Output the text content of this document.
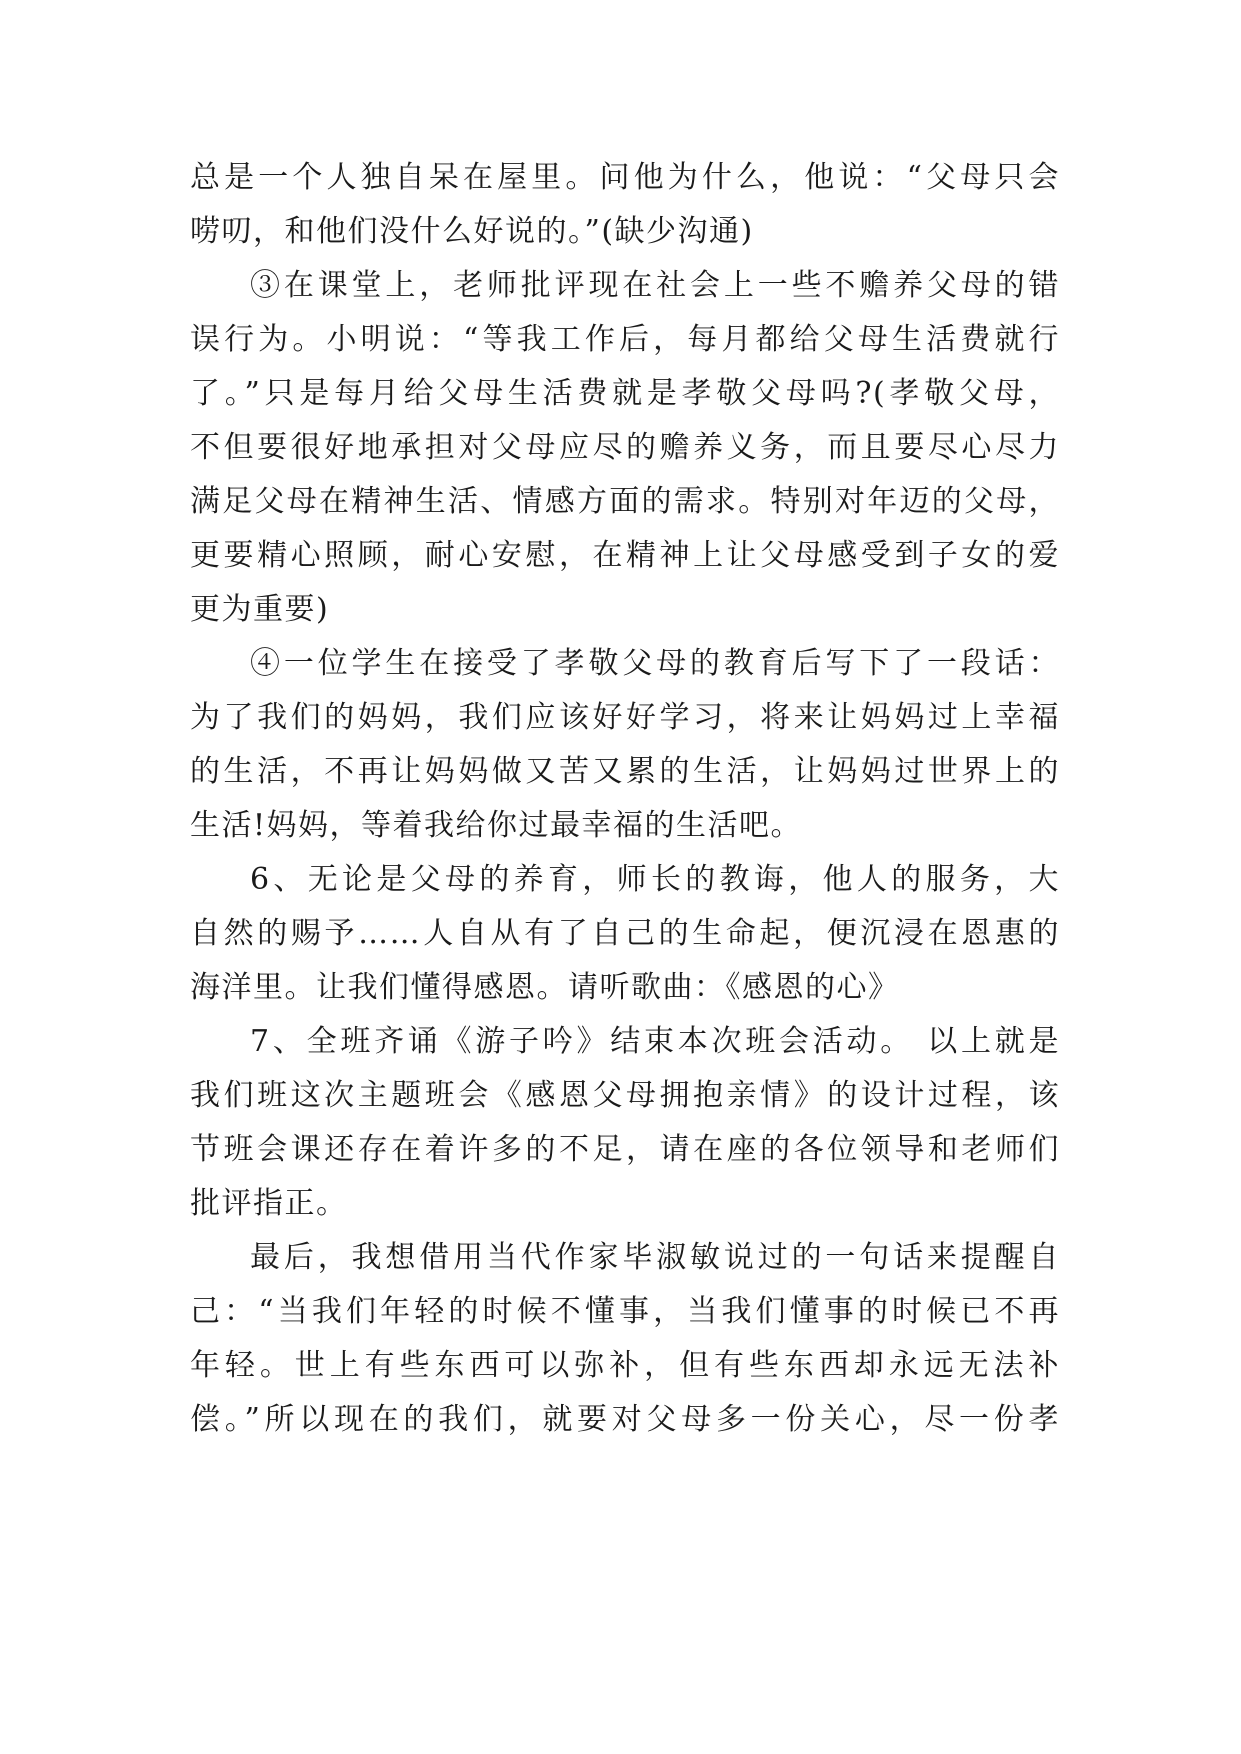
总是一个人独自呆在屋里。问他为什么，他说：“父母只会
唠叨，和他们没什么好说的。”(缺少沟通)
③在课堂上，老师批评现在社会上一些不赡养父母的错
误行为。小明说：“等我工作后，每月都给父母生活费就行
了。”只是每月给父母生活费就是孝敬父母吗?(孝敬父母，
不但要很好地承担对父母应尽的赡养义务，而且要尽心尽力
满足父母在精神生活、情感方面的需求。特别对年迈的父母，
更要精心照顾，耐心安慰，在精神上让父母感受到子女的爱
更为重要)
④一位学生在接受了孝敬父母的教育后写下了一段话：
为了我们的妈妈，我们应该好好学习，将来让妈妈过上幸福
的生活，不再让妈妈做又苦又累的生活，让妈妈过世界上的
生活!妈妈，等着我给你过最幸福的生活吧。
6、无论是父母的养育，师长的教诲，他人的服务，大
自然的赐予……人自从有了自己的生命起，便沉浸在恩惠的
海洋里。让我们懂得感恩。请听歌曲：《感恩的心》
7、全班齐诵《游子吟》结束本次班会活动。 以上就是
我们班这次主题班会《感恩父母拥抱亲情》的设计过程，该
节班会课还存在着许多的不足，请在座的各位领导和老师们
批评指正。
最后，我想借用当代作家毕淑敏说过的一句话来提醒自
己：“当我们年轻的时候不懂事，当我们懂事的时候已不再
年轻。世上有些东西可以弥补，但有些东西却永远无法补
偿。”所以现在的我们，就要对父母多一份关心，尽一份孝
